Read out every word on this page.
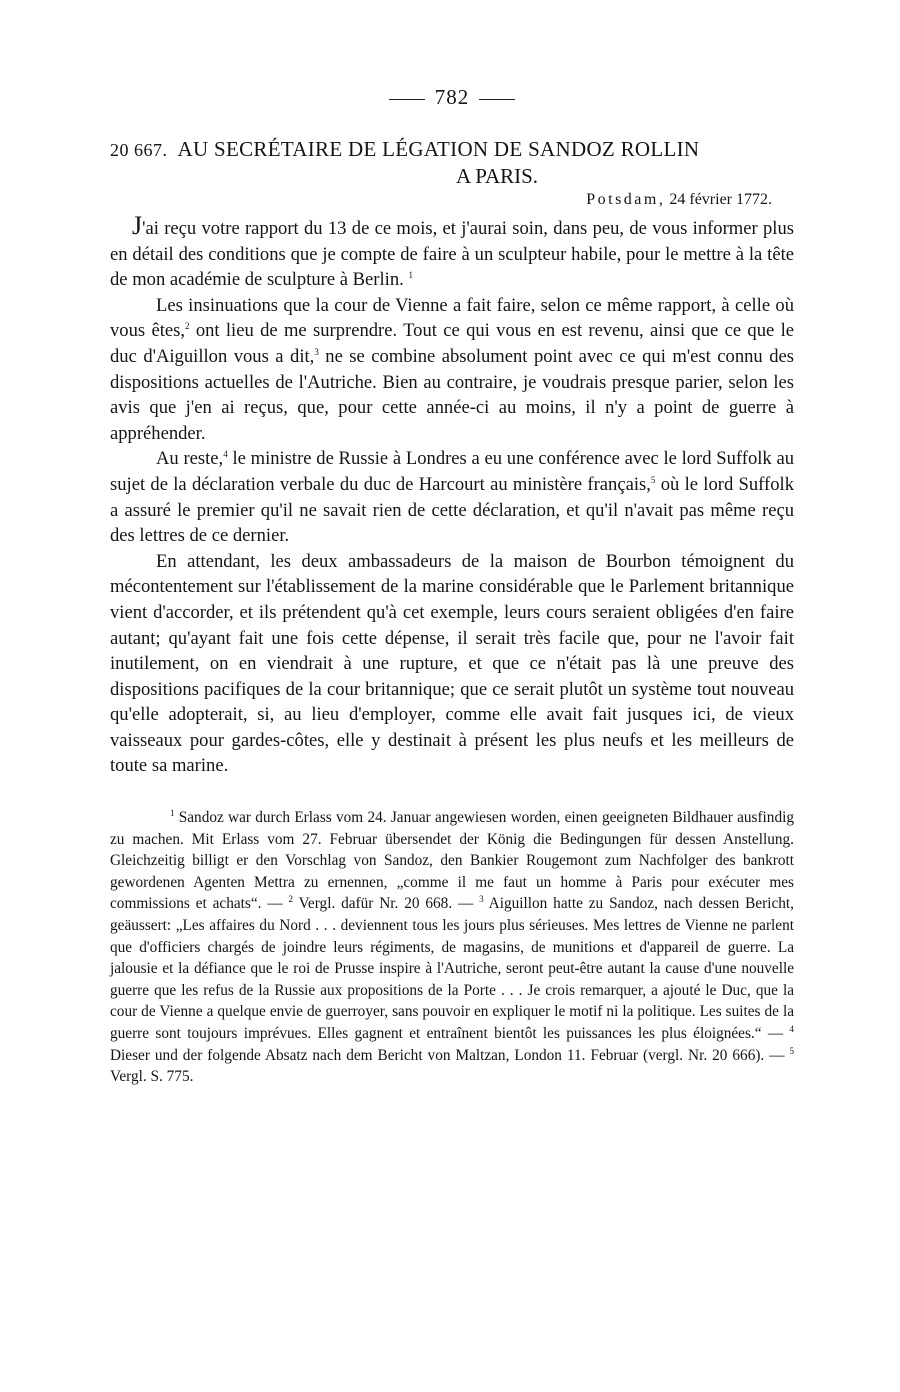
782
20 667. AU SECRÉTAIRE DE LÉGATION DE SANDOZ ROLLIN
A PARIS.
Potsdam, 24 février 1772.

J'ai reçu votre rapport du 13 de ce mois, et j'aurai soin, dans peu, de vous informer plus en détail des conditions que je compte de faire à un sculpteur habile, pour le mettre à la tête de mon académie de sculpture à Berlin. $^1$

Les insinuations que la cour de Vienne a fait faire, selon ce même rapport, à celle où vous êtes,$^2$ ont lieu de me surprendre. Tout ce qui vous en est revenu, ainsi que ce que le duc d'Aiguillon vous a dit,$^3$ ne se combine absolument point avec ce qui m'est connu des dispositions actuelles de l'Autriche. Bien au contraire, je voudrais presque parier, selon les avis que j'en ai reçus, que, pour cette année-ci au moins, il n'y a point de guerre à appréhender.

Au reste,$^4$ le ministre de Russie à Londres a eu une conférence avec le lord Suffolk au sujet de la déclaration verbale du duc de Harcourt au ministère français,$^5$ où le lord Suffolk a assuré le premier qu'il ne savait rien de cette déclaration, et qu'il n'avait pas même reçu des lettres de ce dernier.

En attendant, les deux ambassadeurs de la maison de Bourbon témoignent du mécontentement sur l'établissement de la marine considérable que le Parlement britannique vient d'accorder, et ils prétendent qu'à cet exemple, leurs cours seraient obligées d'en faire autant; qu'ayant fait une fois cette dépense, il serait très facile que, pour ne l'avoir fait inutilement, on en viendrait à une rupture, et que ce n'était pas là une preuve des dispositions pacifiques de la cour britannique; que ce serait plutôt un système tout nouveau qu'elle adopterait, si, au lieu d'employer, comme elle avait fait jusques ici, de vieux vaisseaux pour gardes-côtes, elle y destinait à présent les plus neufs et les meilleurs de toute sa marine.

$^1$ Sandoz war durch Erlass vom 24. Januar angewiesen worden, einen geeigneten Bildhauer ausfindig zu machen. Mit Erlass vom 27. Februar übersendet der König die Bedingungen für dessen Anstellung. Gleichzeitig billigt er den Vorschlag von Sandoz, den Bankier Rougemont zum Nachfolger des bankrott gewordenen Agenten Mettra zu ernennen, „comme il me faut un homme à Paris pour exécuter mes commissions et achats“. — $^2$ Vergl. dafür Nr. 20 668. — $^3$ Aiguillon hatte zu Sandoz, nach dessen Bericht, geäussert: „Les affaires du Nord . . . deviennent tous les jours plus sérieuses. Mes lettres de Vienne ne parlent que d'officiers chargés de joindre leurs régiments, de magasins, de munitions et d'appareil de guerre. La jalousie et la défiance que le roi de Prusse inspire à l'Autriche, seront peut-être autant la cause d'une nouvelle guerre que les refus de la Russie aux propositions de la Porte . . . Je crois remarquer, a ajouté le Duc, que la cour de Vienne a quelque envie de guerroyer, sans pouvoir en expliquer le motif ni la politique. Les suites de la guerre sont toujours imprévues. Elles gagnent et entraînent bientôt les puissances les plus éloignées.“ — $^4$ Dieser und der folgende Absatz nach dem Bericht von Maltzan, London 11. Februar (vergl. Nr. 20 666). — $^5$ Vergl. S. 775.
